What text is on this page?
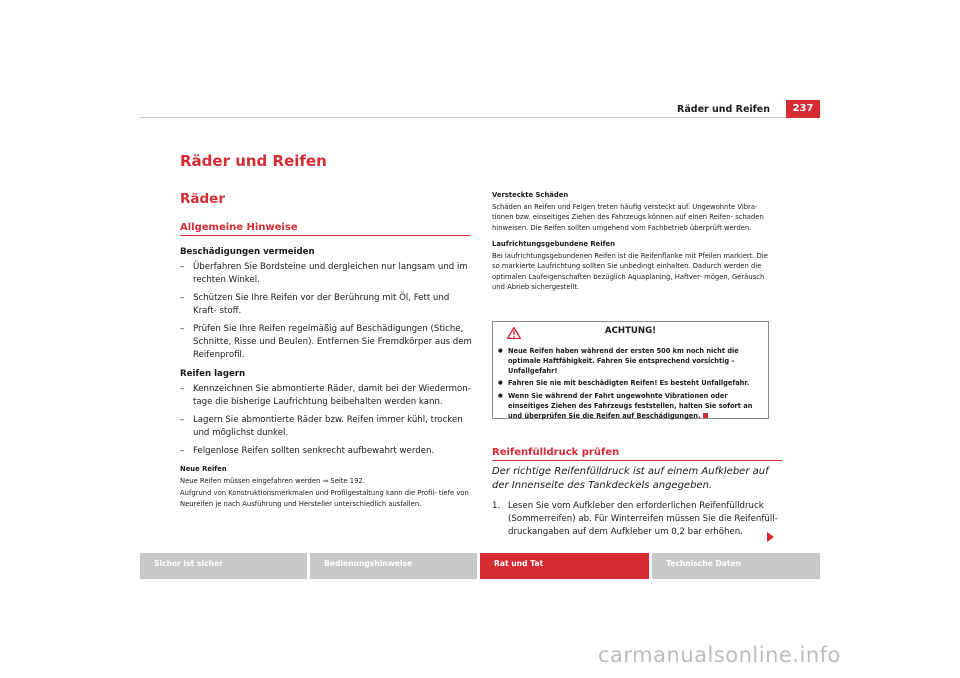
Räder und Reifen	237
Räder und Reifen
Räder
Allgemeine Hinweise
Beschädigungen vermeiden
– Überfahren Sie Bordsteine und dergleichen nur langsam und im rechten Winkel.
– Schützen Sie Ihre Reifen vor der Berührung mit Öl, Fett und Kraft- stoff.
– Prüfen Sie Ihre Reifen regelmäßig auf Beschädigungen (Stiche, Schnitte, Risse und Beulen). Entfernen Sie Fremdkörper aus dem Reifenprofil.
Reifen lagern
– Kennzeichnen Sie abmontierte Räder, damit bei der Wiedermon- tage die bisherige Laufrichtung beibehalten werden kann.
– Lagern Sie abmontierte Räder bzw. Reifen immer kühl, trocken und möglichst dunkel.
– Felgenlose Reifen sollten senkrecht aufbewahrt werden.
Neue Reifen
Neue Reifen müssen eingefahren werden ⇒ Seite 192.
Aufgrund von Konstruktionsmerkmalen und Profilgestaltung kann die Profil- tiefe von Neureifen je nach Ausführung und Hersteller unterschiedlich ausfallen.
Versteckte Schäden
Schäden an Reifen und Felgen treten häufig versteckt auf. Ungewohnte Vibra- tionen bzw. einseitiges Ziehen des Fahrzeugs können auf einen Reifen- schaden hinweisen. Die Reifen sollten umgehend vom Fachbetrieb überprüft werden.
Laufrichtungsgebundene Reifen
Bei laufrichtungsgebundenen Reifen ist die Reifenflanke mit Pfeilen markiert. Die so markierte Laufrichtung sollten Sie unbedingt einhalten. Dadurch werden die optimalen Laufeigenschaften bezüglich Aquaplaning, Haftver- mögen, Geräusch und Abrieb sichergestellt.
ACHTUNG!
● Neue Reifen haben während der ersten 500 km noch nicht die optimale Haftfähigkeit. Fahren Sie entsprechend vorsichtig – Unfallgefahr!
● Fahren Sie nie mit beschädigten Reifen! Es besteht Unfallgefahr.
● Wenn Sie während der Fahrt ungewohnte Vibrationen oder einseitiges Ziehen des Fahrzeugs feststellen, halten Sie sofort an und überprüfen Sie die Reifen auf Beschädigungen.
Reifenfülldruck prüfen
Der richtige Reifenfülldruck ist auf einem Aufkleber auf der Innenseite des Tankdeckels angegeben.
1. Lesen Sie vom Aufkleber den erforderlichen Reifenfülldruck (Sommerreifen) ab. Für Winterreifen müssen Sie die Reifenfüll- druckangaben auf dem Aufkleber um 0,2 bar erhöhen.
Sicher ist sicher	Bedienungshinweise	Rat und Tat	Technische Daten
carmanualsonline.info
